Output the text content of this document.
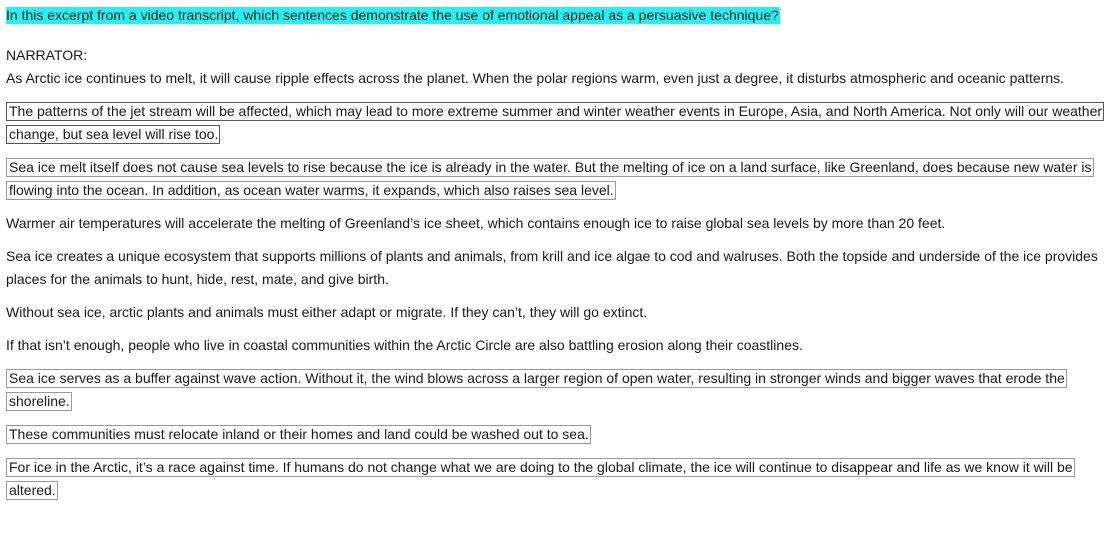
In this excerpt from a video transcript, which sentences demonstrate the use of emotional appeal as a persuasive technique?
NARRATOR:
As Arctic ice continues to melt, it will cause ripple effects across the planet. When the polar regions warm, even just a degree, it disturbs atmospheric and oceanic patterns.
The patterns of the jet stream will be affected, which may lead to more extreme summer and winter weather events in Europe, Asia, and North America. Not only will our weather change, but sea level will rise too.
Sea ice melt itself does not cause sea levels to rise because the ice is already in the water. But the melting of ice on a land surface, like Greenland, does because new water is flowing into the ocean. In addition, as ocean water warms, it expands, which also raises sea level.
Warmer air temperatures will accelerate the melting of Greenland’s ice sheet, which contains enough ice to raise global sea levels by more than 20 feet.
Sea ice creates a unique ecosystem that supports millions of plants and animals, from krill and ice algae to cod and walruses. Both the topside and underside of the ice provides places for the animals to hunt, hide, rest, mate, and give birth.
Without sea ice, arctic plants and animals must either adapt or migrate. If they can’t, they will go extinct.
If that isn’t enough, people who live in coastal communities within the Arctic Circle are also battling erosion along their coastlines.
Sea ice serves as a buffer against wave action. Without it, the wind blows across a larger region of open water, resulting in stronger winds and bigger waves that erode the shoreline.
These communities must relocate inland or their homes and land could be washed out to sea.
For ice in the Arctic, it’s a race against time. If humans do not change what we are doing to the global climate, the ice will continue to disappear and life as we know it will be altered.
